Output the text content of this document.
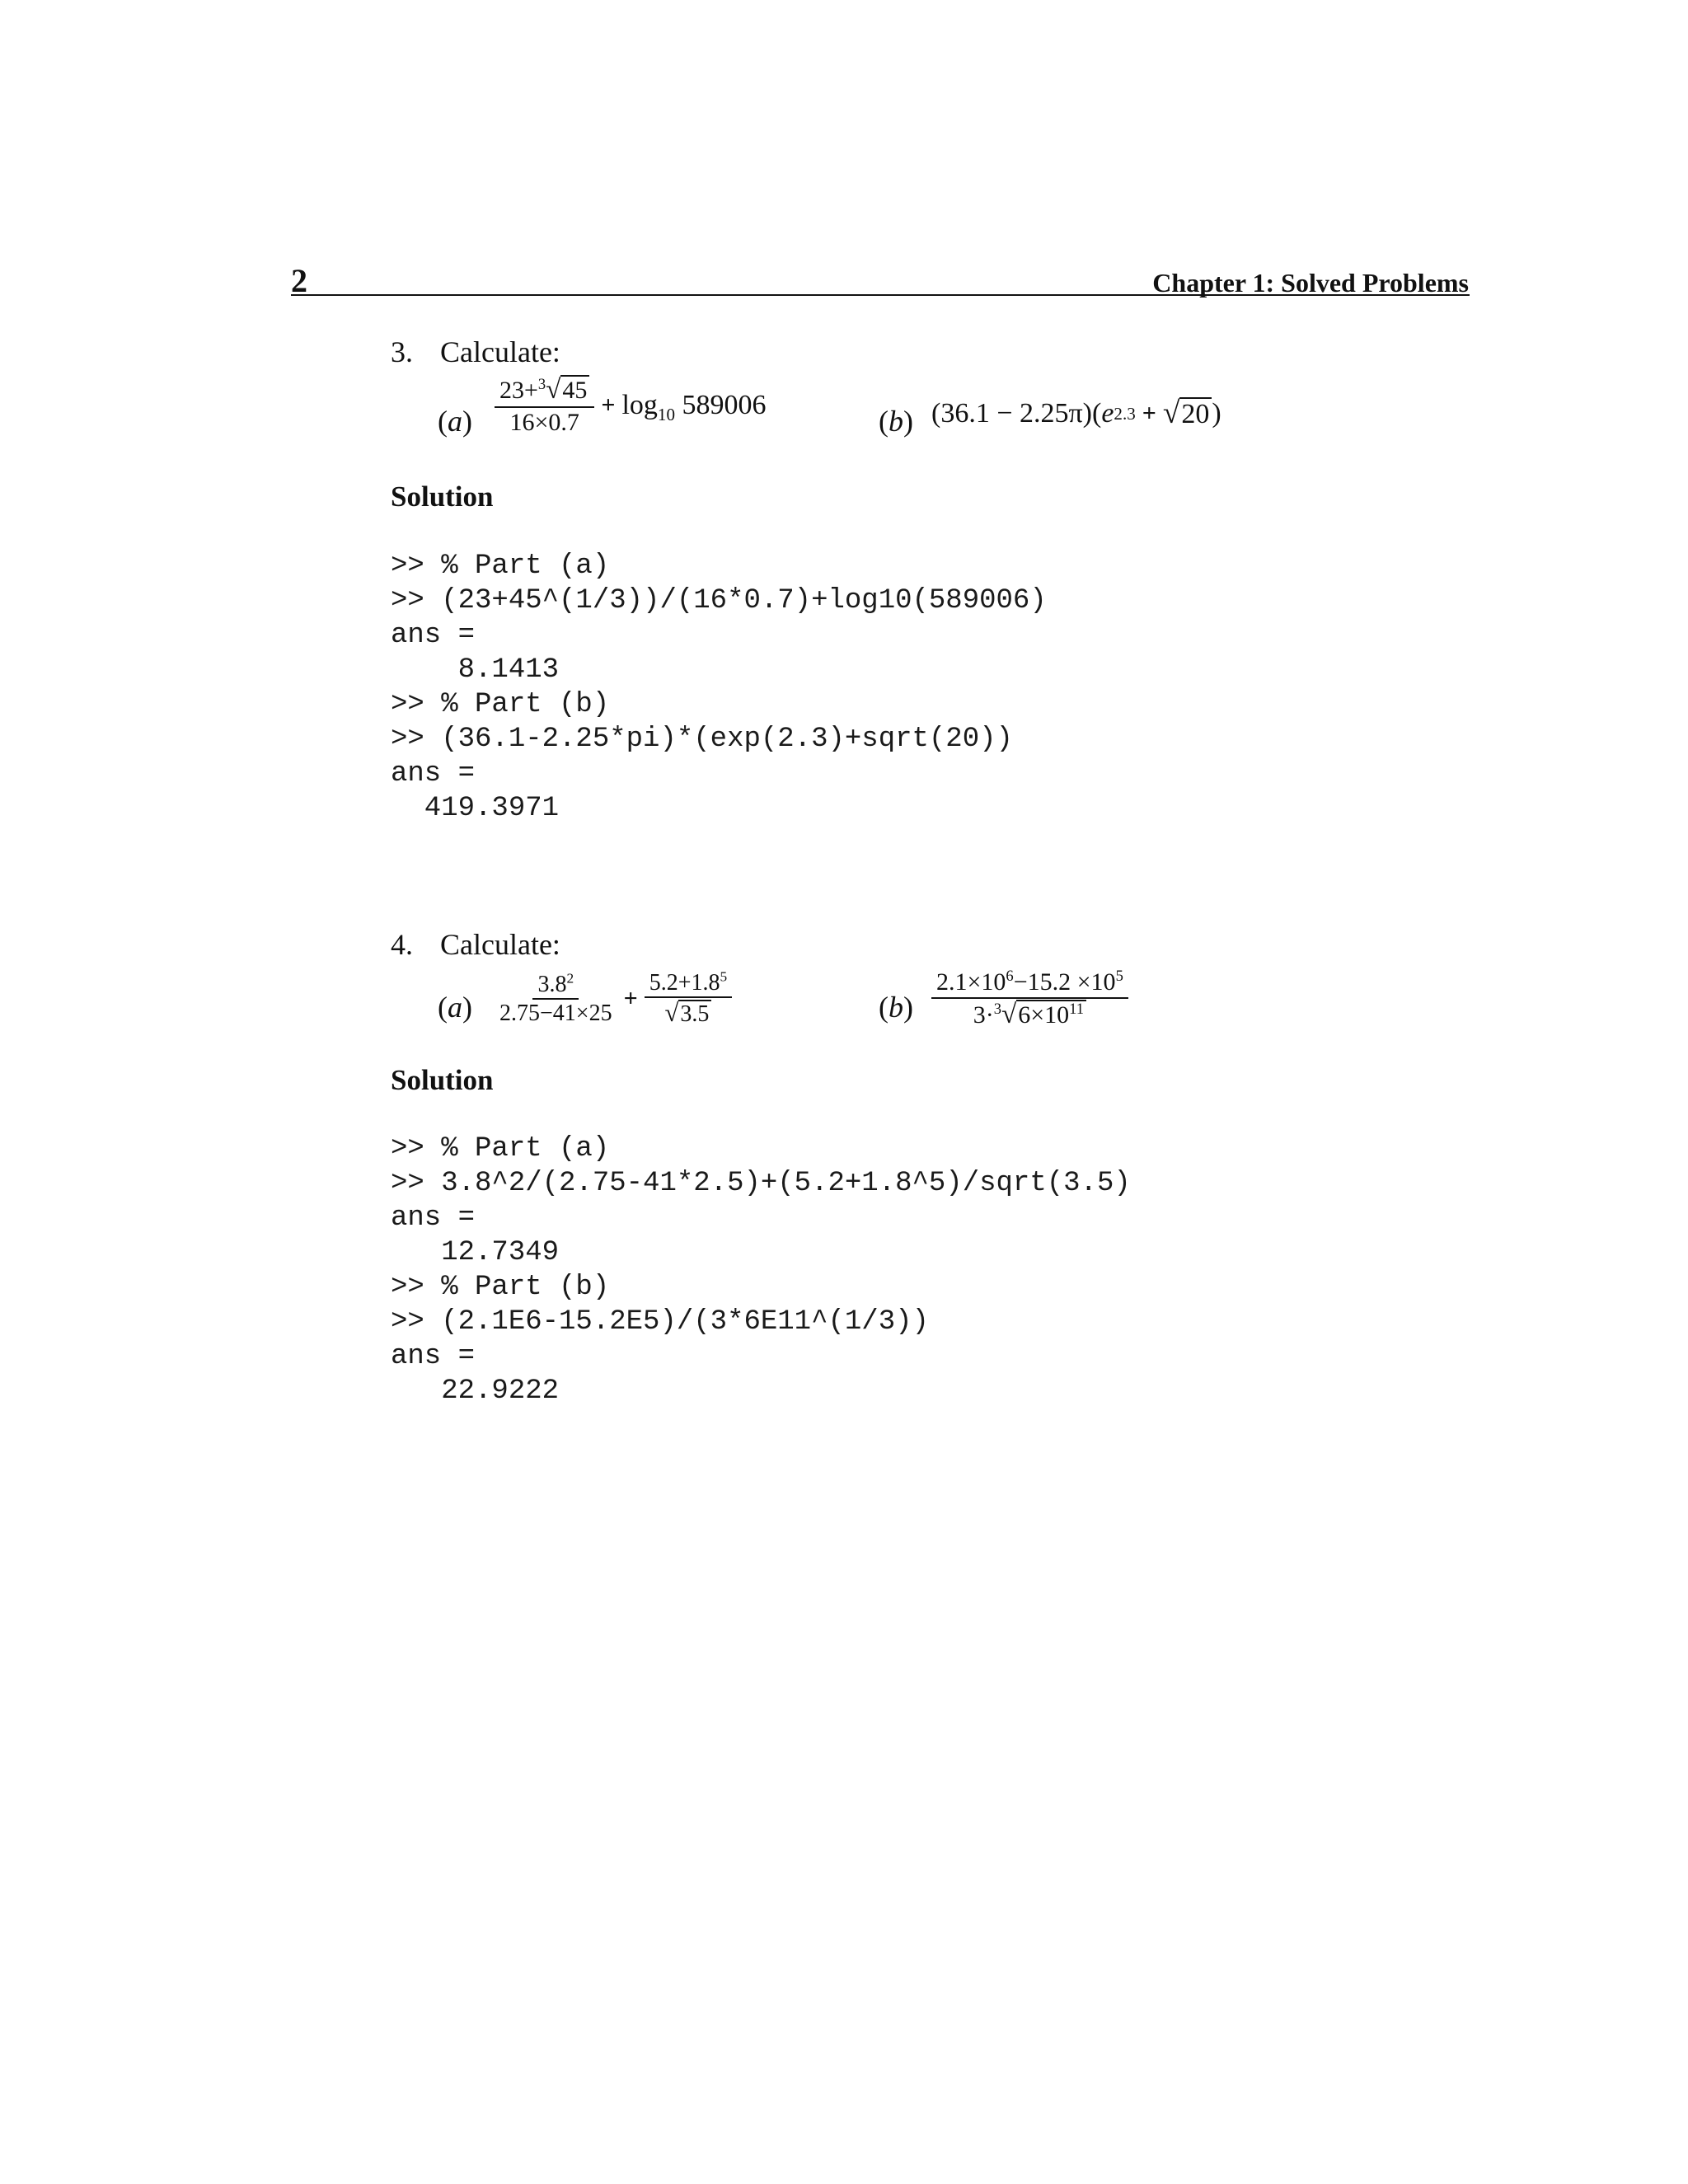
2	Chapter 1: Solved Problems
3. Calculate:
$(a) \frac{23+^3√45}{16\times 0.7} + \log_{10} 589006$	(b) (36.1 − 2.25π)( e 2.3 + √ 20 )
Solution
>> % Part (a)
>> (23+45^(1/3))/(16*0.7)+log10(589006)
ans =
8.1413
>> % Part (b)
>> (36.1-2.25*pi)*(exp(2.3)+sqrt(20))
ans =
419.3971
4. Calculate:
$(a) \frac{3.8^2}{2.75-41\times 25} + \frac{5.2+1.8^5}{√3.5}$	$(b) \frac{2.1\times 10^6-15.2 \times 10^5}{3\cdot^3√6\times 10^{11}}$
Solution
>> % Part (a)
>> 3.8^2/(2.75-41*2.5)+(5.2+1.8^5)/sqrt(3.5)
ans =
12.7349
>> % Part (b)
>> (2.1E6-15.2E5)/(3*6E11^(1/3))
ans =
22.9222
